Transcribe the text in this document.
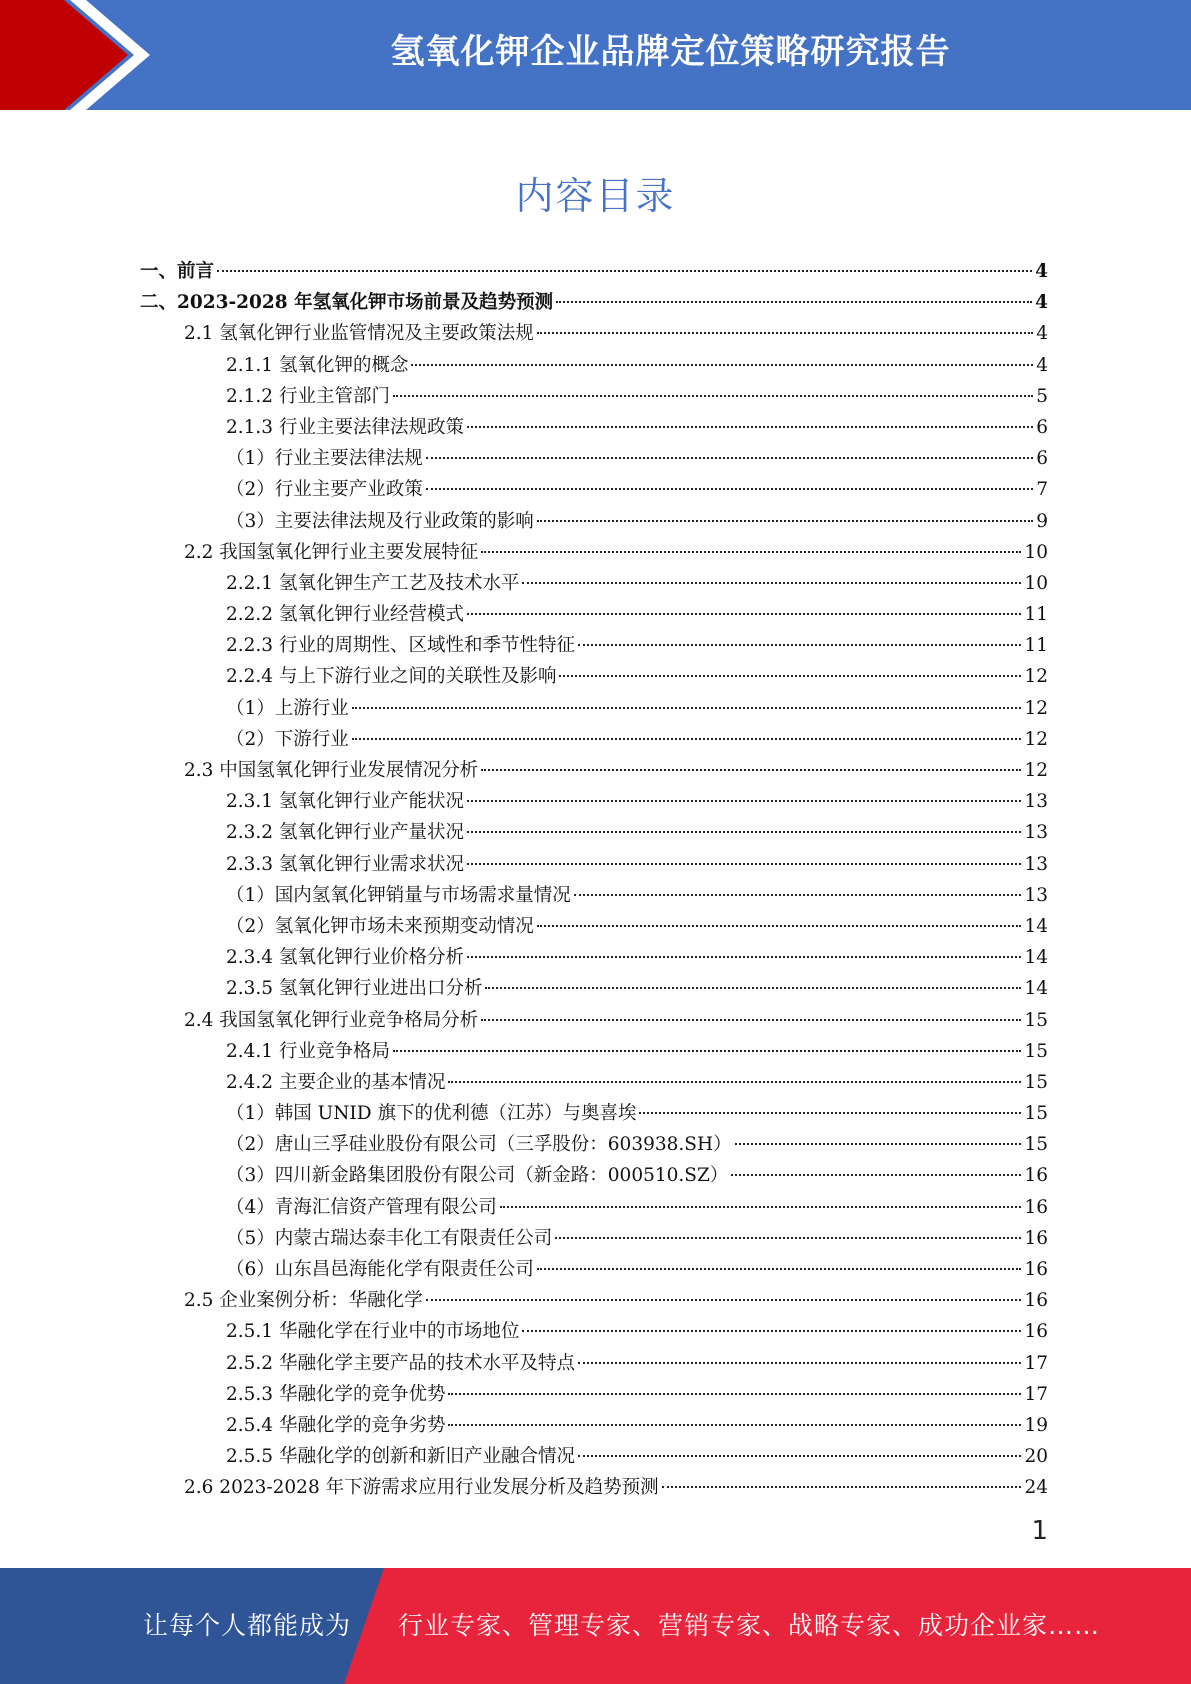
氢氧化钾企业品牌定位策略研究报告
内容目录
一、前言	4
二、2023-2028 年氢氧化钾市场前景及趋势预测	4
2.1 氢氧化钾行业监管情况及主要政策法规	4
2.1.1 氢氧化钾的概念	4
2.1.2 行业主管部门	5
2.1.3 行业主要法律法规政策	6
（1）行业主要法律法规	6
（2）行业主要产业政策	7
（3）主要法律法规及行业政策的影响	9
2.2 我国氢氧化钾行业主要发展特征	10
2.2.1 氢氧化钾生产工艺及技术水平	10
2.2.2 氢氧化钾行业经营模式	11
2.2.3 行业的周期性、区域性和季节性特征	11
2.2.4 与上下游行业之间的关联性及影响	12
（1）上游行业	12
（2）下游行业	12
2.3 中国氢氧化钾行业发展情况分析	12
2.3.1 氢氧化钾行业产能状况	13
2.3.2 氢氧化钾行业产量状况	13
2.3.3 氢氧化钾行业需求状况	13
（1）国内氢氧化钾销量与市场需求量情况	13
（2）氢氧化钾市场未来预期变动情况	14
2.3.4 氢氧化钾行业价格分析	14
2.3.5 氢氧化钾行业进出口分析	14
2.4 我国氢氧化钾行业竞争格局分析	15
2.4.1 行业竞争格局	15
2.4.2 主要企业的基本情况	15
（1）韩国 UNID 旗下的优利德（江苏）与奥喜埃	15
（2）唐山三孚硅业股份有限公司（三孚股份：603938.SH）	15
（3）四川新金路集团股份有限公司（新金路：000510.SZ）	16
（4）青海汇信资产管理有限公司	16
（5）内蒙古瑞达泰丰化工有限责任公司	16
（6）山东昌邑海能化学有限责任公司	16
2.5 企业案例分析：华融化学	16
2.5.1 华融化学在行业中的市场地位	16
2.5.2 华融化学主要产品的技术水平及特点	17
2.5.3 华融化学的竞争优势	17
2.5.4 华融化学的竞争劣势	19
2.5.5 华融化学的创新和新旧产业融合情况	20
2.6 2023-2028 年下游需求应用行业发展分析及趋势预测	24
1
让每个人都能成为 行业专家、管理专家、营销专家、战略专家、成功企业家……
